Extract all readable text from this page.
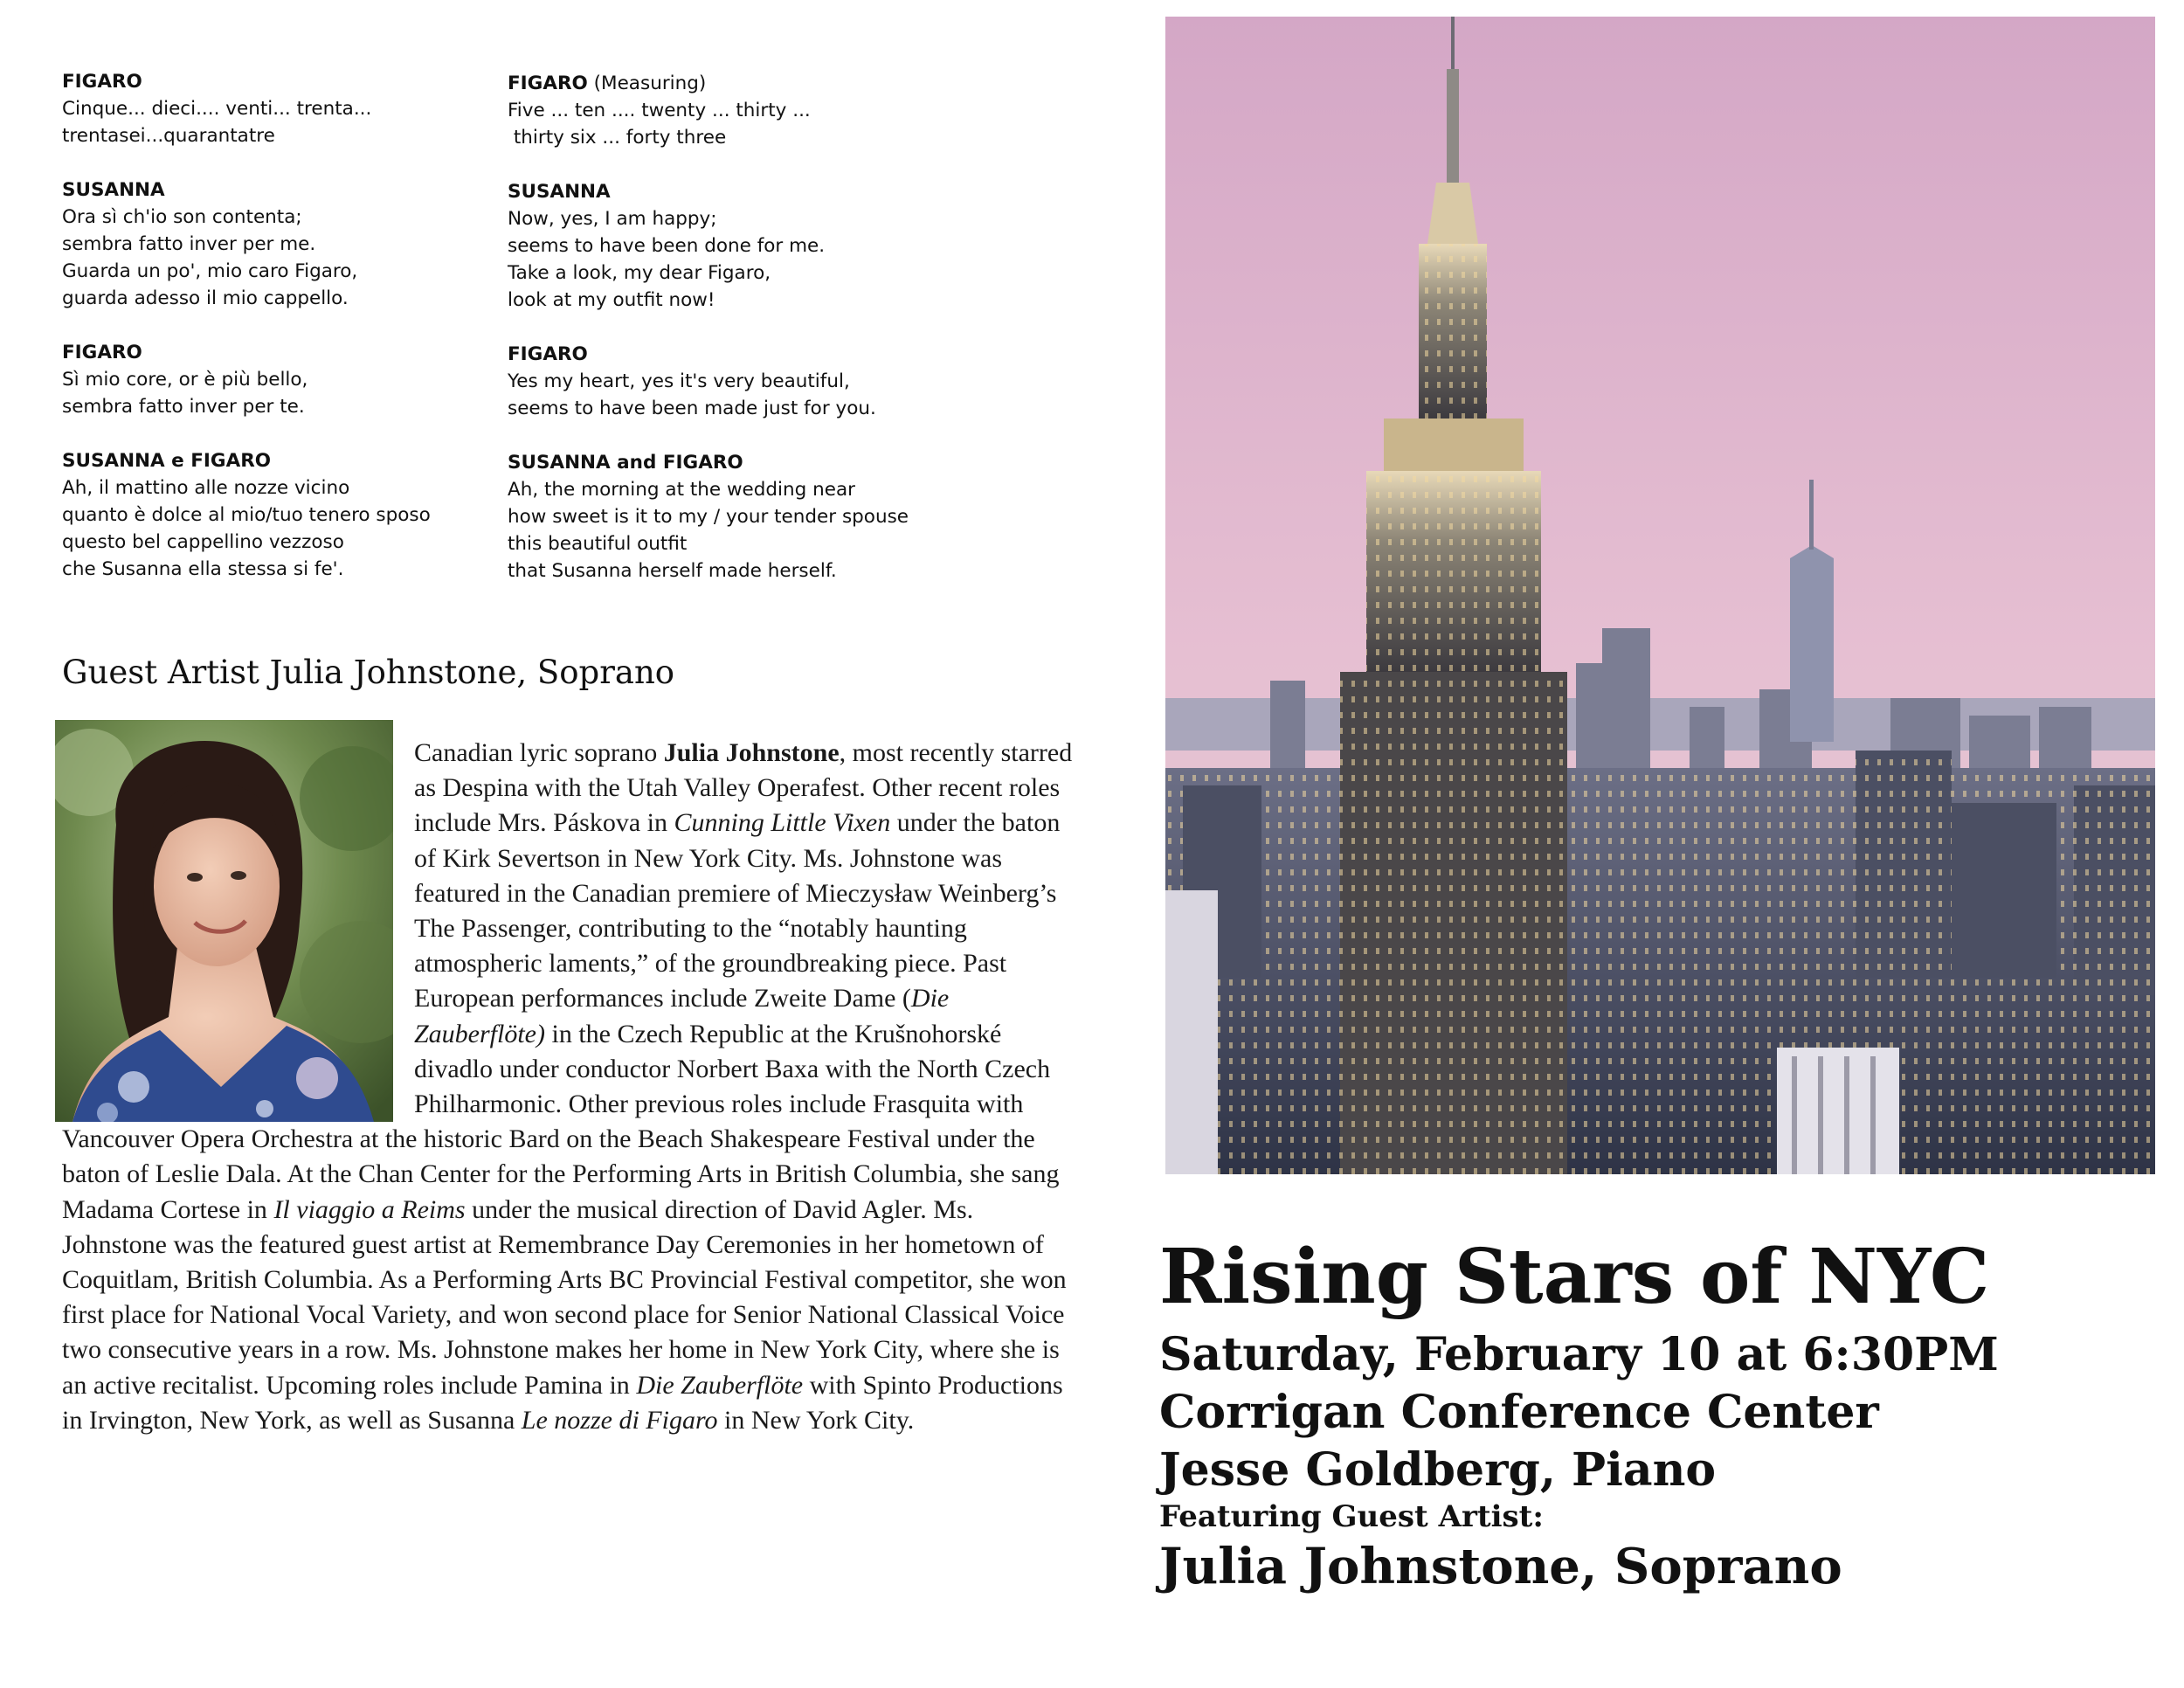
FIGARO
Cinque... dieci.... venti... trenta...
trentasei...quarantatre
SUSANNA
Ora sì ch'io son contenta;
sembra fatto inver per me.
Guarda un po', mio caro Figaro,
guarda adesso il mio cappello.
FIGARO
Sì mio core, or è più bello,
sembra fatto inver per te.
SUSANNA e FIGARO
Ah, il mattino alle nozze vicino
quanto è dolce al mio/tuo tenero sposo
questo bel cappellino vezzoso
che Susanna ella stessa si fe'.
FIGARO (Measuring)
Five ... ten .... twenty ... thirty ...
thirty six ... forty three
SUSANNA
Now, yes, I am happy;
seems to have been done for me.
Take a look, my dear Figaro,
look at my outfit now!
FIGARO
Yes my heart, yes it's very beautiful,
seems to have been made just for you.
SUSANNA and FIGARO
Ah, the morning at the wedding near
how sweet is it to my / your tender spouse
this beautiful outfit
that Susanna herself made herself.
Guest Artist Julia Johnstone, Soprano

Canadian lyric soprano Julia Johnstone, most recently starred as Despina with the Utah Valley Operafest. Other recent roles include Mrs. Páskova in Cunning Little Vixen under the baton of Kirk Severtson in New York City. Ms. Johnstone was featured in the Canadian premiere of Mieczysław Weinberg’s The Passenger, contributing to the “notably haunting atmospheric laments,” of the groundbreaking piece. Past European performances include Zweite Dame (Die Zauberflöte) in the Czech Republic at the Krušnohorské divadlo under conductor Norbert Baxa with the North Czech Philharmonic. Other previous roles include Frasquita with Vancouver Opera Orchestra at the historic Bard on the Beach Shakespeare Festival under the baton of Leslie Dala. At the Chan Center for the Performing Arts in British Columbia, she sang Madama Cortese in Il viaggio a Reims under the musical direction of David Agler. Ms. Johnstone was the featured guest artist at Remembrance Day Ceremonies in her hometown of Coquitlam, British Columbia. As a Performing Arts BC Provincial Festival competitor, she won first place for National Vocal Variety, and won second place for Senior National Classical Voice two consecutive years in a row. Ms. Johnstone makes her home in New York City, where she is an active recitalist. Upcoming roles include Pamina in Die Zauberflöte with Spinto Productions in Irvington, New York, as well as Susanna Le nozze di Figaro in New York City.

Rising Stars of NYC
Saturday, February 10 at 6:30PM
Corrigan Conference Center
Jesse Goldberg, Piano
Featuring Guest Artist:
Julia Johnstone, Soprano
